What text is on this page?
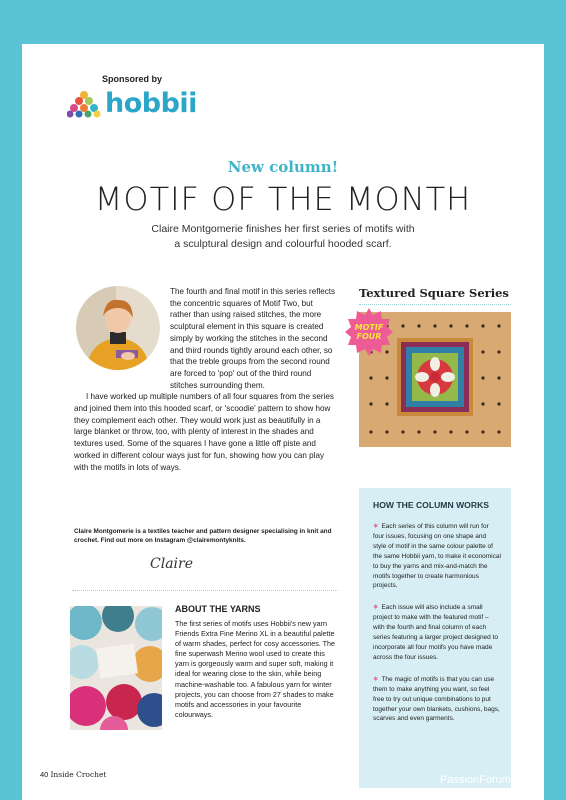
Sponsored by
hobbii
New column!
MOTIF OF THE MONTH
Claire Montgomerie finishes her first series of motifs with
a sculptural design and colourful hooded scarf.

The fourth and final motif in this series reflects the concentric squares of Motif Two, but rather than using raised stitches, the more sculptural element in this square is created simply by working the stitches in the second and third rounds tightly around each other, so that the treble groups from the second round are forced to 'pop' out of the third round stitches surrounding them.

I have worked up multiple numbers of all four squares from the series and joined them into this hooded scarf, or 'scoodie' pattern to show how they complement each other. They would work just as beautifully in a large blanket or throw, too, with plenty of interest in the shades and textures used. Some of the squares I have gone a little off piste and worked in different colour ways just for fun, showing how you can play with the motifs in lots of ways.

Claire Montgomerie is a textiles teacher and pattern designer specialising in knit and crochet. Find out more on Instagram @clairemontyknits.
Claire
ABOUT THE YARNS
The first series of motifs uses Hobbii's new yarn Friends Extra Fine Merino XL in a beautiful palette of warm shades, perfect for cosy accessories. The fine superwash Merino wool used to create this yarn is gorgeously warm and super soft, making it ideal for wearing close to the skin, while being machine-washable too. A fabulous yarn for winter projects, you can choose from 27 shades to make motifs and accessories in your favourite colourways.
Textured Square Series
MOTIF
FOUR
HOW THE COLUMN WORKS

✶ Each series of this column will run for four issues, focusing on one shape and style of motif in the same colour palette of the same Hobbii yarn, to make it economical to buy the yarns and mix-and-match the motifs together to create harmonious projects.

✶ Each issue will also include a small project to make with the featured motif – with the fourth and final column of each series featuring a larger project designed to incorporate all four motifs you have made across the four issues.

✶ The magic of motifs is that you can use them to make anything you want, so feel free to try out unique combinations to put together your own blankets, cushions, bags, scarves and even garments.

40 Inside Crochet	PassionForum.ru
